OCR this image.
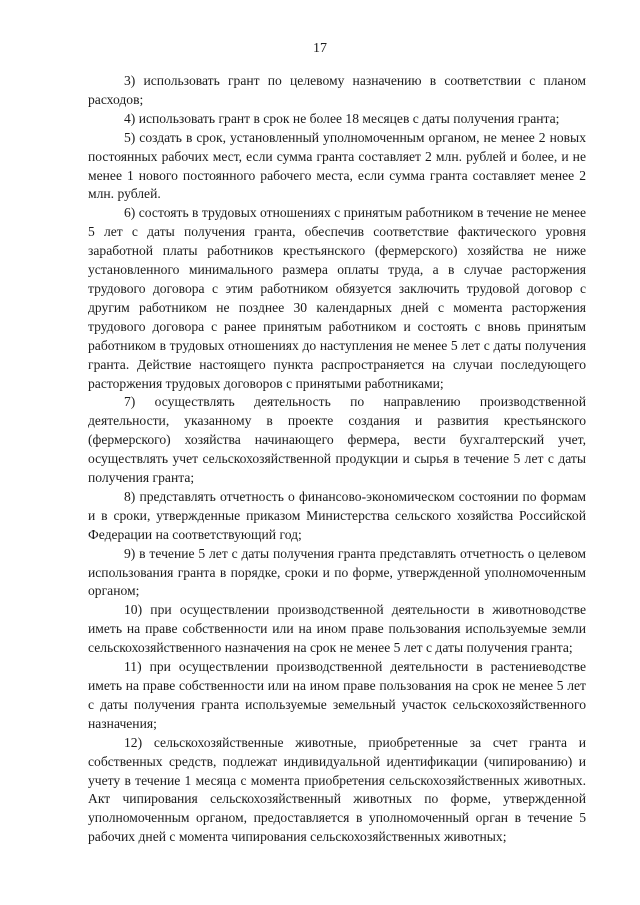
17

3) использовать грант по целевому назначению в соответствии с планом расходов;

4) использовать грант в срок не более 18 месяцев с даты получения гранта;

5) создать в срок, установленный уполномоченным органом, не менее 2 новых постоянных рабочих мест, если сумма гранта составляет 2 млн. рублей и более, и не менее 1 нового постоянного рабочего места, если сумма гранта составляет менее 2 млн. рублей.

6) состоять в трудовых отношениях с принятым работником в течение не менее 5 лет с даты получения гранта, обеспечив соответствие фактического уровня заработной платы работников крестьянского (фермерского) хозяйства не ниже установленного минимального размера оплаты труда, а в случае расторжения трудового договора с этим работником обязуется заключить трудовой договор с другим работником не позднее 30 календарных дней с момента расторжения трудового договора с ранее принятым работником и состоять с вновь принятым работником в трудовых отношениях до наступления не менее 5 лет с даты получения гранта. Действие настоящего пункта распространяется на случаи последующего расторжения трудовых договоров с принятыми работниками;

7) осуществлять деятельность по направлению производственной деятельности, указанному в проекте создания и развития крестьянского (фермерского) хозяйства начинающего фермера, вести бухгалтерский учет, осуществлять учет сельскохозяйственной продукции и сырья в течение 5 лет с даты получения гранта;

8) представлять отчетность о финансово-экономическом состоянии по формам и в сроки, утвержденные приказом Министерства сельского хозяйства Российской Федерации на соответствующий год;

9) в течение 5 лет с даты получения гранта представлять отчетность о целевом использования гранта в порядке, сроки и по форме, утвержденной уполномоченным органом;

10) при осуществлении производственной деятельности в животноводстве иметь на праве собственности или на ином праве пользования используемые земли сельскохозяйственного назначения на срок не менее 5 лет с даты получения гранта;

11) при осуществлении производственной деятельности в растениеводстве иметь на праве собственности или на ином праве пользования на срок не менее 5 лет с даты получения гранта используемые земельный участок сельскохозяйственного назначения;

12) сельскохозяйственные животные, приобретенные за счет гранта и собственных средств, подлежат индивидуальной идентификации (чипированию) и учету в течение 1 месяца с момента приобретения сельскохозяйственных животных. Акт чипирования сельскохозяйственный животных по форме, утвержденной уполномоченным органом, предоставляется в уполномоченный орган в течение 5 рабочих дней с момента чипирования сельскохозяйственных животных;
